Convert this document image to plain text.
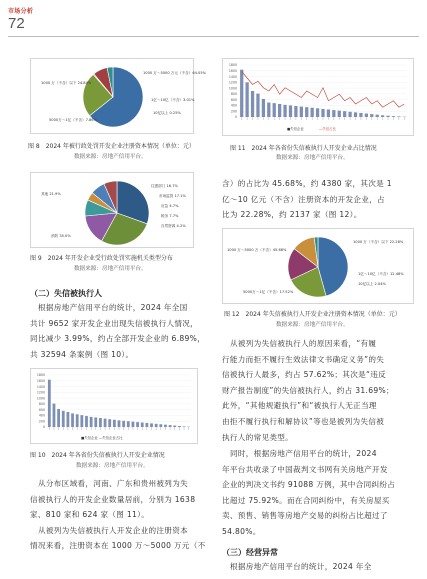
市场分析
72
1000 万～5000 万元（不含）64.05%
1000 万（不含）以下 24.84%
1亿～10亿（不含）3.01%
10亿以上 0.25%
5000万～1亿（不含）7.86%
图 8　2024 年被行政处罚开发企业注册资本情况（单位：元）
数据来源：房地产信用平台。
其他 21.9%
住建部门 16.7%
市场监管 17.1%
应急 4.7%
税务 7.7%
自然资源 4.2%
消防 35.0%
图 9　2024 年开发企业受行政处罚实施机关类型分布
数据来源：房地产信用平台。
（二）失信被执行人
根据房地产信用平台的统计，2024 年全国
共计 9652 家开发企业出现失信被执行人情况，
同比减少 3.99%，约占全部开发企业的 6.89%，
共 32594 条案例（图 10）。
1800
1600
1400
1200
1000
800
600
400
200
0
■失信企业 ―失信企业占比
图 10　2024 年各省份失信被执行人开发企业情况
数据来源：房地产信用平台。
从分布区域看，河南、广东和贵州被列为失
信被执行人的开发企业数量居前，分别为 1638
家、810 家和 624 家（图 11）。
从被列为失信被执行人开发企业的注册资本
情况来看，注册资本在 1000 万～5000 万元（不
1800
1600
1400
1200
1000
800
600
400
200
0
■失信企业	―失信占比
图 11　2024 年各省份失信被执行人开发企业占比情况
数据来源：房地产信用平台。
含）的占比为 45.68%，约 4380 家，其次是 1
亿～10 亿元（不含）注册资本的开发企业，占
比为 22.28%，约 2137 家（图 12）。
1000 万～5000 万（不含）45.68%
1000 万（不含）以下 22.28%
1亿～10亿（不含）12.48%
10亿以上 2.04%
5000万～1亿（不含）17.52%
图 12　2024 年失信被执行人开发企业注册资本情况（单位：元）
数据来源：房地产信用平台。
从被列为失信被执行人的原因来看，“有履
行能力而拒不履行生效法律文书确定义务”的失
信被执行人最多，约占 57.62%；其次是“违反
财产报告制度”的失信被执行人，约占 31.69%；
此外，“其他规避执行”和“被执行人无正当理
由拒不履行执行和解协议”等也是被列为失信被
执行人的常见类型。
同时，根据房地产信用平台的统计，2024
年平台共收录了中国裁判文书网有关房地产开发
企业的判决文书约 91088 万例，其中合同纠纷占
比超过 75.92%。而在合同纠纷中，有关房屋买
卖、预售、销售等房地产交易的纠纷占比超过了
54.80%。
（三）经营异常
根据房地产信用平台的统计，2024 年全
